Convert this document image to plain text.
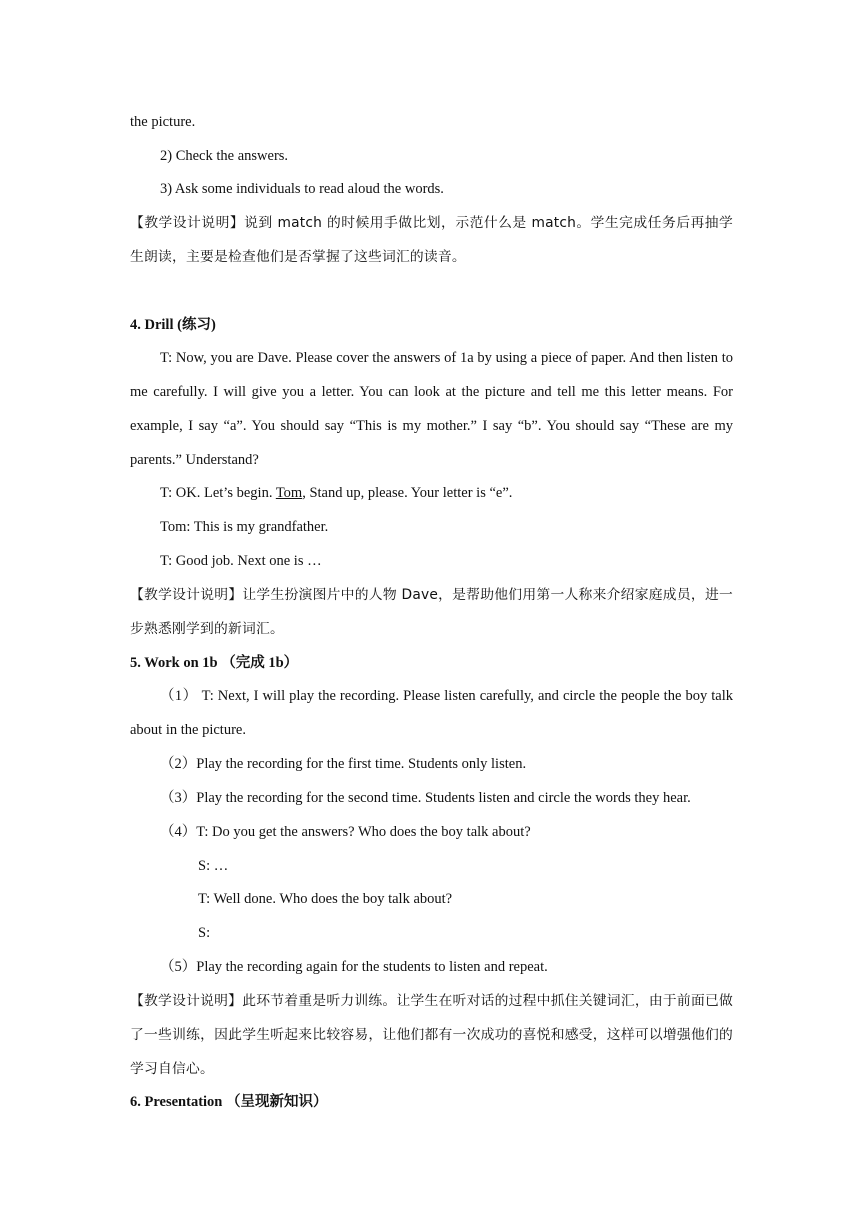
the picture.

2) Check the answers.

3) Ask some individuals to read aloud the words.

【教学设计说明】说到 match 的时候用手做比划，示范什么是 match。学生完成任务后再抽学生朗读，主要是检查他们是否掌握了这些词汇的读音。

4. Drill (练习)

T: Now, you are Dave. Please cover the answers of 1a by using a piece of paper. And then listen to me carefully. I will give you a letter. You can look at the picture and tell me this letter means. For example, I say “a”. You should say “This is my mother.” I say “b”. You should say “These are my parents.” Understand?

T: OK. Let’s begin. Tom, Stand up, please. Your letter is “e”.

Tom: This is my grandfather.

T: Good job. Next one is …

【教学设计说明】让学生扮演图片中的人物 Dave，是帮助他们用第一人称来介绍家庭成员，进一步熟悉刚学到的新词汇。

5. Work on 1b （完成 1b）

（1） T: Next, I will play the recording. Please listen carefully, and circle the people the boy talk about in the picture.

（2）Play the recording for the first time. Students only listen.

（3）Play the recording for the second time. Students listen and circle the words they hear.

（4）T: Do you get the answers? Who does the boy talk about?

S: …

T: Well done. Who does the boy talk about?

S:

（5）Play the recording again for the students to listen and repeat.

【教学设计说明】此环节着重是听力训练。让学生在听对话的过程中抓住关键词汇，由于前面已做了一些训练，因此学生听起来比较容易，让他们都有一次成功的喜悦和感受，这样可以增强他们的学习自信心。

6. Presentation （呈现新知识）
